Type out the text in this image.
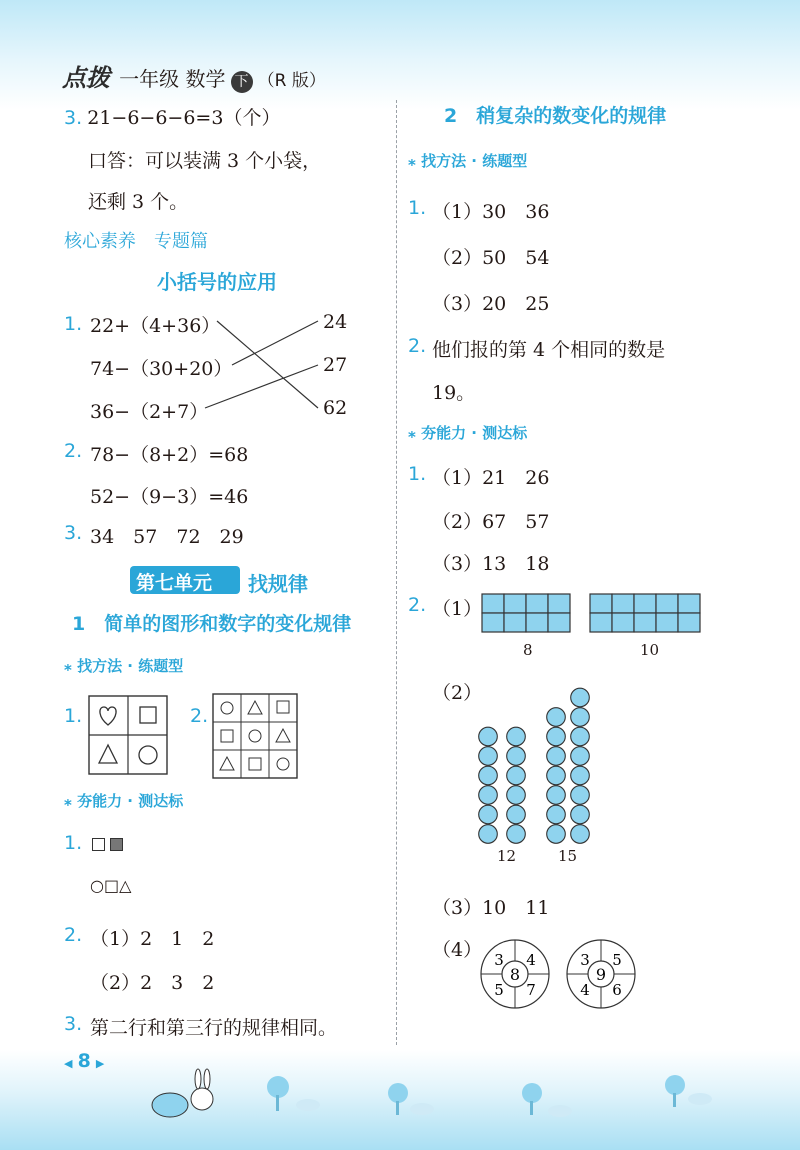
点拨 一年级 数学 下 （R 版）
3. 21−6−6−6=3（个）
口答：可以装满 3 个小袋，
还剩 3 个。
核心素养　专题篇
小括号的应用
1. 22+（4+36）
74−（30+20）
36−（2+7）
24
27
62
2. 78−（8+2）=68
52−（9−3）=46
3. 34　57　72　29
第七单元 找规律
1　简单的图形和数字的变化规律
⁎ 找方法 · 练题型
1.	2.
⁎ 夯能力 · 测达标
1.

○□△
2. （1）2　1　2
（2）2　3　2
3. 第二行和第三行的规律相同。
2　稍复杂的数变化的规律
⁎ 找方法 · 练题型
1. （1）30　36
（2）50　54
（3）20　25
2. 他们报的第 4 个相同的数是
19。
⁎ 夯能力 · 测达标
1. （1）21　26
（2）67　57
（3）13　18
2. （1）
8	10
（2）
12	15
（3）10　11
（4）
8
3 4
5 7
9
3 5
4 6
◀ 8 ▶
